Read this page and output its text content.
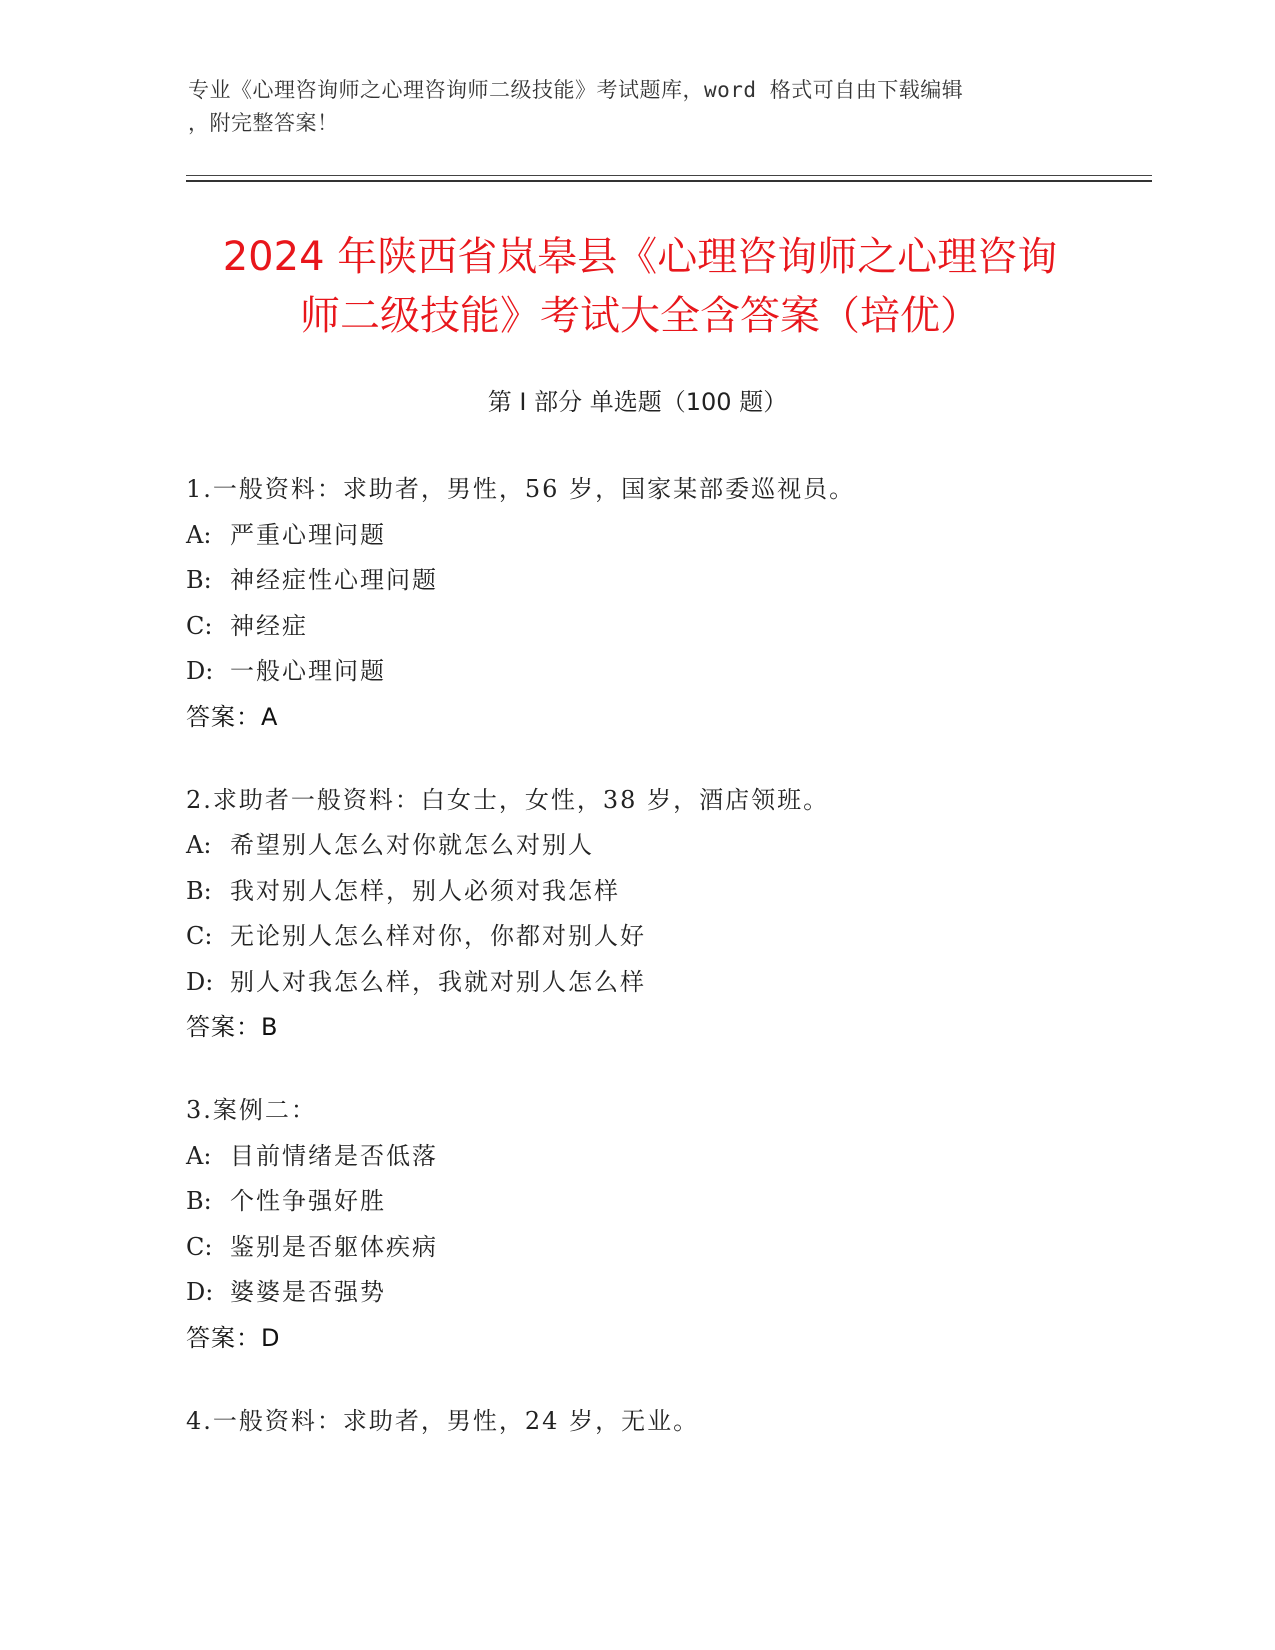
专业《心理咨询师之心理咨询师二级技能》考试题库，word 格式可自由下载编辑
，附完整答案！
2024 年陕西省岚皋县《心理咨询师之心理咨询
师二级技能》考试大全含答案（培优）
第 I 部分 单选题（100 题）
1.一般资料：求助者，男性，56 岁，国家某部委巡视员。
A: 严重心理问题
B: 神经症性心理问题
C: 神经症
D: 一般心理问题
答案：A
2.求助者一般资料：白女士，女性，38 岁，酒店领班。
A: 希望别人怎么对你就怎么对别人
B: 我对别人怎样，别人必须对我怎样
C: 无论别人怎么样对你，你都对别人好
D: 别人对我怎么样，我就对别人怎么样
答案：B
3.案例二：
A: 目前情绪是否低落
B: 个性争强好胜
C: 鉴别是否躯体疾病
D: 婆婆是否强势
答案：D
4.一般资料：求助者，男性，24 岁，无业。
